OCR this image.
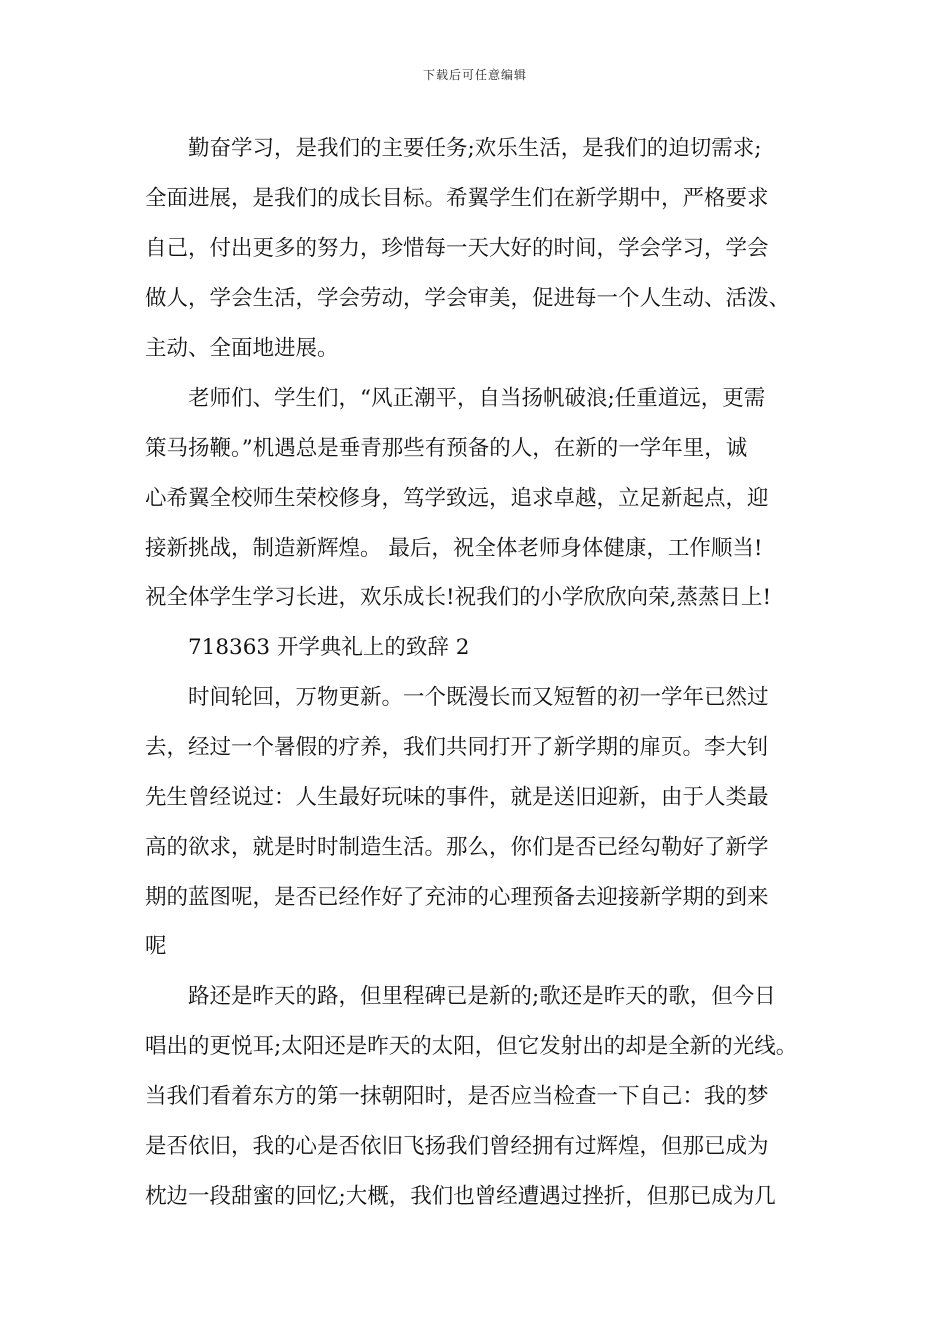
下载后可任意编辑
勤奋学习，是我们的主要任务;欢乐生活，是我们的迫切需求;
全面进展，是我们的成长目标。希翼学生们在新学期中，严格要求
自己，付出更多的努力，珍惜每一天大好的时间，学会学习，学会
做人，学会生活，学会劳动，学会审美，促进每一个人生动、活泼、
主动、全面地进展。
老师们、学生们，“风正潮平，自当扬帆破浪;任重道远，更需
策马扬鞭。”机遇总是垂青那些有预备的人，在新的一学年里，诚
心希翼全校师生荣校修身，笃学致远，追求卓越，立足新起点，迎
接新挑战，制造新辉煌。 最后，祝全体老师身体健康，工作顺当!
祝全体学生学习长进，欢乐成长!祝我们的小学欣欣向荣,蒸蒸日上!
718363 开学典礼上的致辞 2
时间轮回，万物更新。一个既漫长而又短暂的初一学年已然过
去，经过一个暑假的疗养，我们共同打开了新学期的扉页。李大钊
先生曾经说过：人生最好玩味的事件，就是送旧迎新，由于人类最
高的欲求，就是时时制造生活。那么，你们是否已经勾勒好了新学
期的蓝图呢，是否已经作好了充沛的心理预备去迎接新学期的到来
呢
路还是昨天的路，但里程碑已是新的;歌还是昨天的歌，但今日
唱出的更悦耳;太阳还是昨天的太阳，但它发射出的却是全新的光线。
当我们看着东方的第一抹朝阳时，是否应当检查一下自己：我的梦
是否依旧，我的心是否依旧飞扬我们曾经拥有过辉煌，但那已成为
枕边一段甜蜜的回忆;大概，我们也曾经遭遇过挫折，但那已成为几
